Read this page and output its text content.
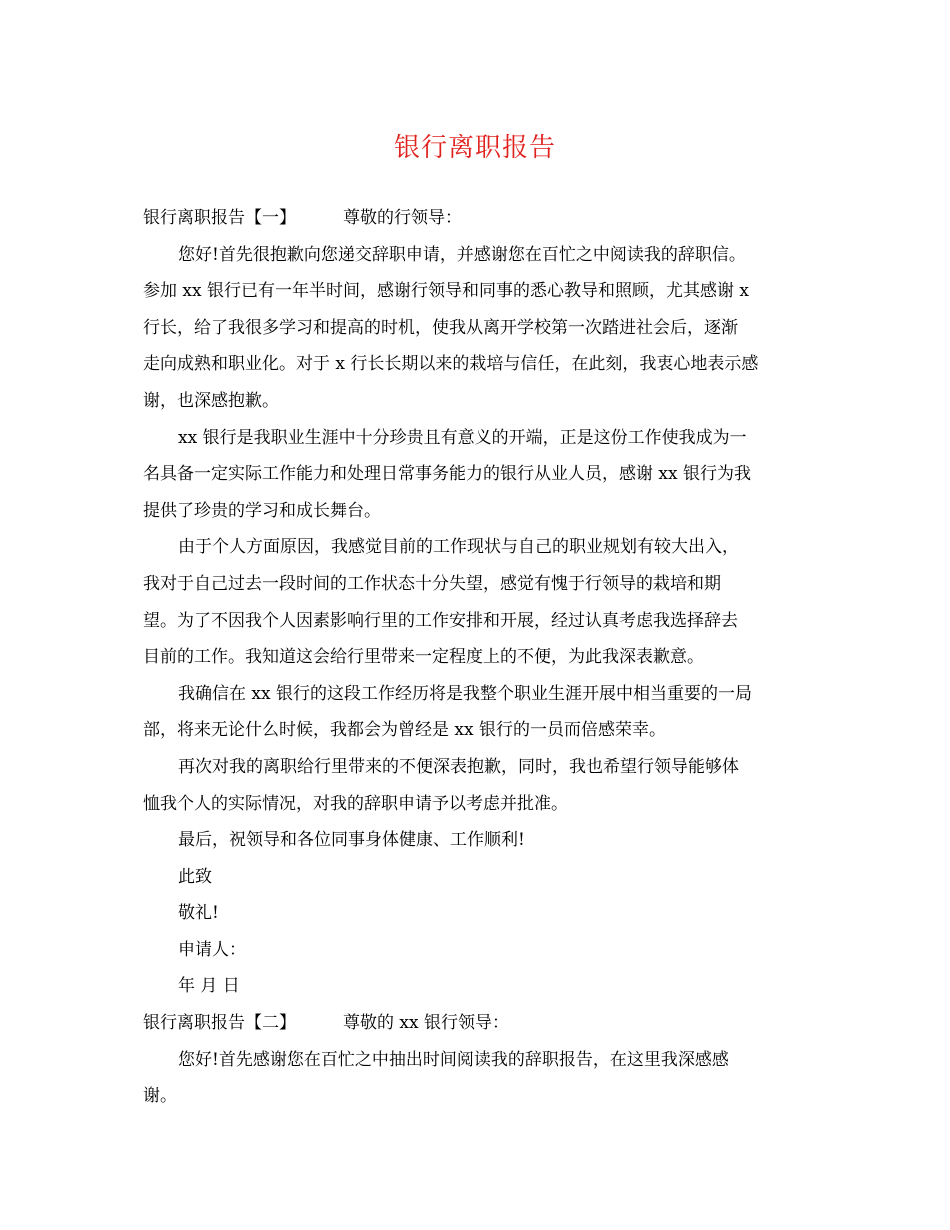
银行离职报告
银行离职报告【一】	尊敬的行领导：
您好!首先很抱歉向您递交辞职申请，并感谢您在百忙之中阅读我的辞职信。
参加 xx 银行已有一年半时间，感谢行领导和同事的悉心教导和照顾，尤其感谢 x
行长，给了我很多学习和提高的时机，使我从离开学校第一次踏进社会后，逐渐
走向成熟和职业化。对于 x 行长长期以来的栽培与信任，在此刻，我衷心地表示感
谢，也深感抱歉。
xx 银行是我职业生涯中十分珍贵且有意义的开端，正是这份工作使我成为一
名具备一定实际工作能力和处理日常事务能力的银行从业人员，感谢 xx 银行为我
提供了珍贵的学习和成长舞台。
由于个人方面原因，我感觉目前的工作现状与自己的职业规划有较大出入，
我对于自己过去一段时间的工作状态十分失望，感觉有愧于行领导的栽培和期
望。为了不因我个人因素影响行里的工作安排和开展，经过认真考虑我选择辞去
目前的工作。我知道这会给行里带来一定程度上的不便，为此我深表歉意。
我确信在 xx 银行的这段工作经历将是我整个职业生涯开展中相当重要的一局
部，将来无论什么时候，我都会为曾经是 xx 银行的一员而倍感荣幸。
再次对我的离职给行里带来的不便深表抱歉，同时，我也希望行领导能够体
恤我个人的实际情况，对我的辞职申请予以考虑并批准。
最后，祝领导和各位同事身体健康、工作顺利!
此致
敬礼!
申请人：
年 月 日
银行离职报告【二】	尊敬的 xx 银行领导：
您好!首先感谢您在百忙之中抽出时间阅读我的辞职报告，在这里我深感感
谢。
